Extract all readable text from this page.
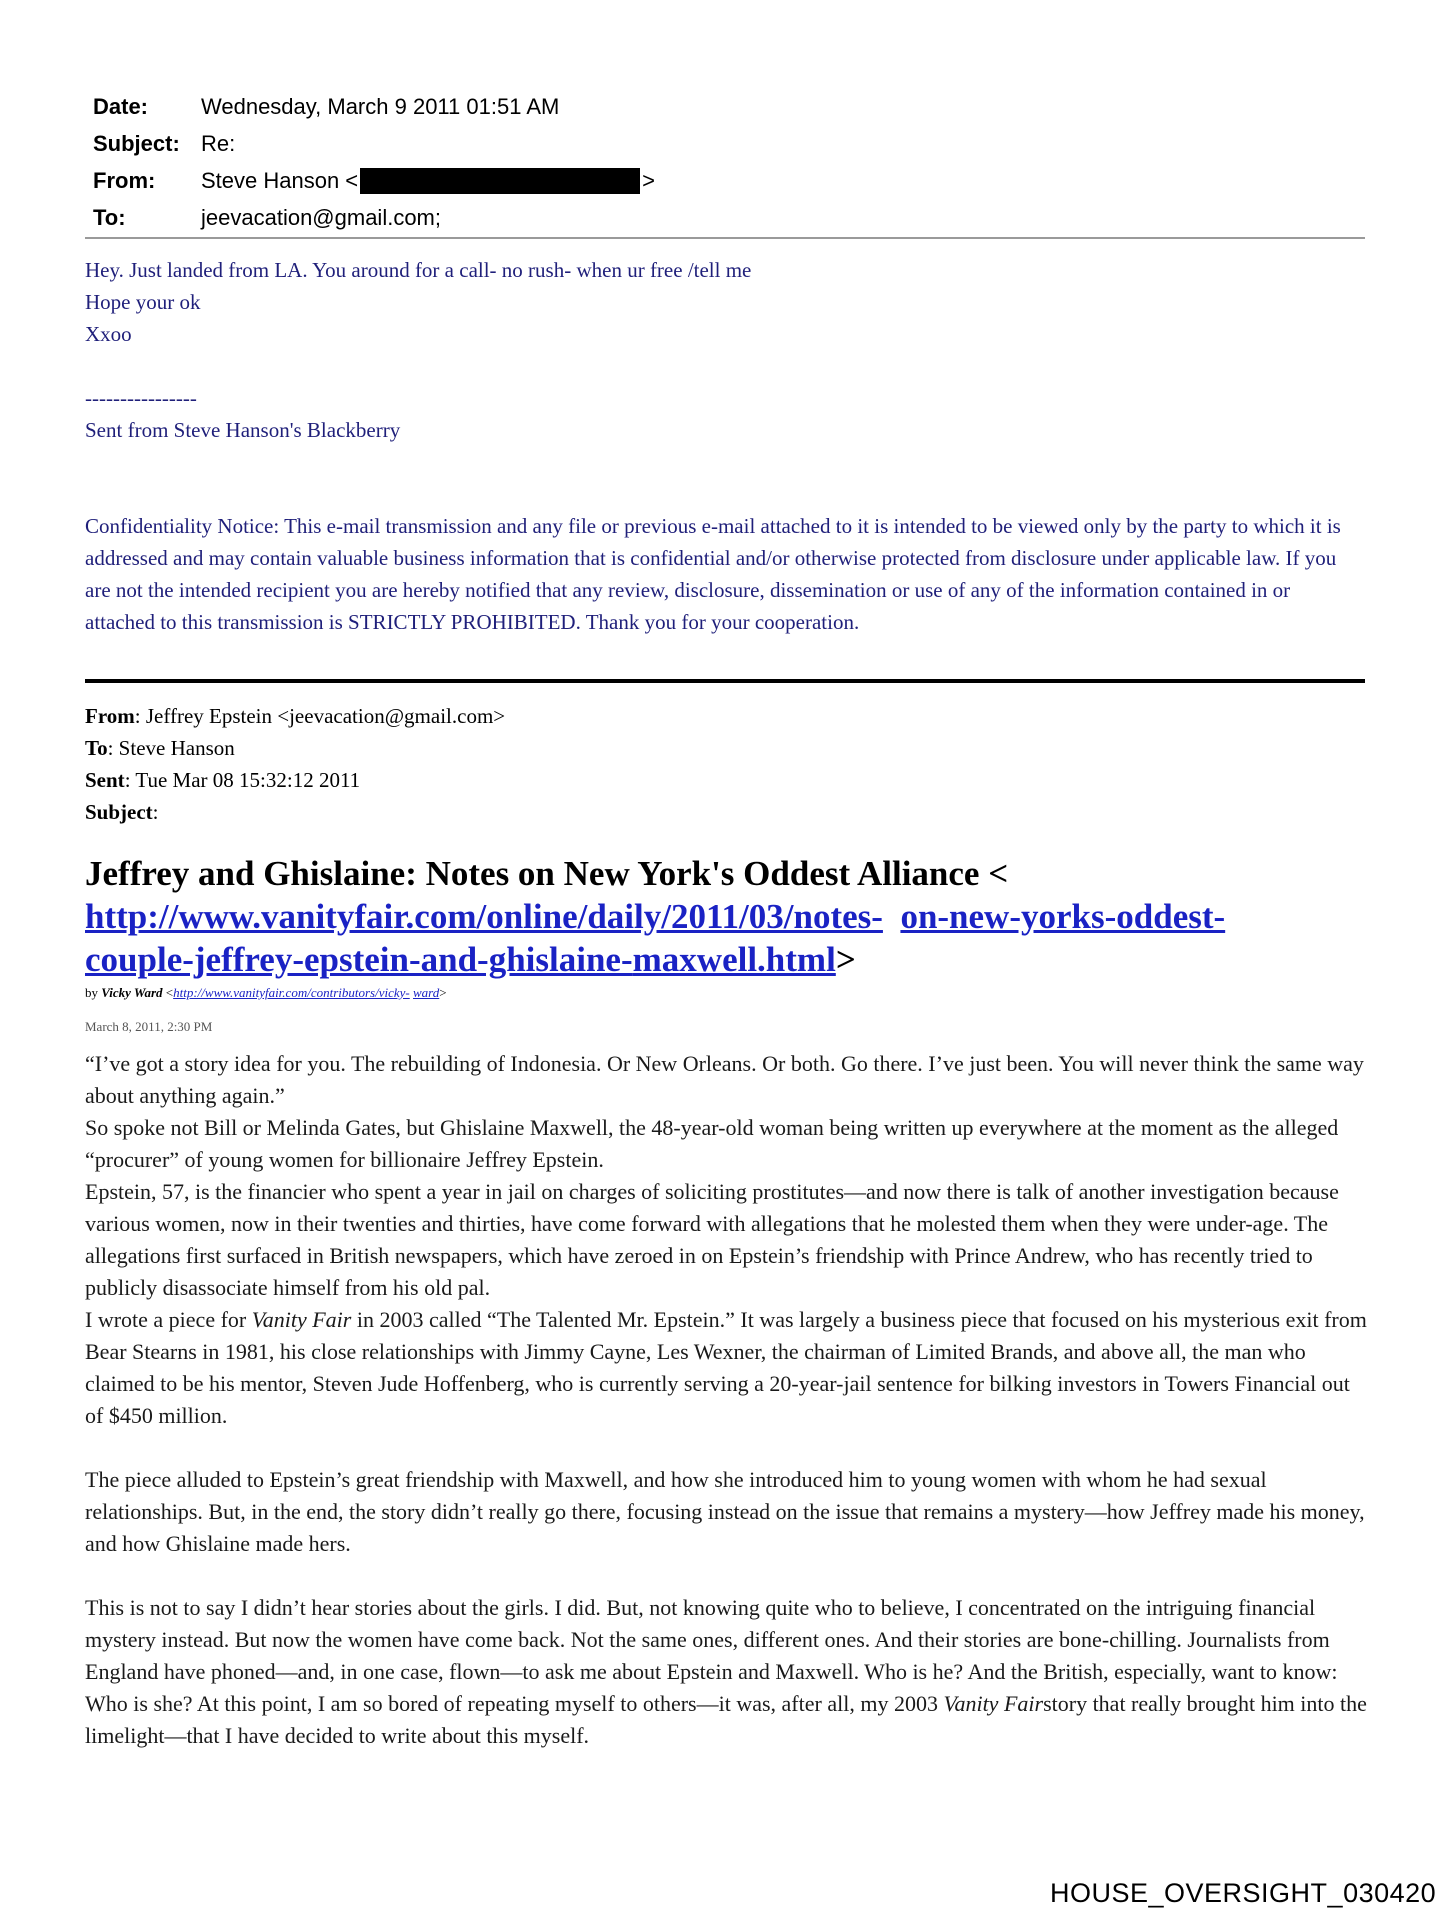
Date:	Wednesday, March 9 2011 01:51 AM
Subject: Re:
From:	Steve Hanson <	>
To:	jeevacation@gmail.com;

Hey. Just landed from LA. You around for a call- no rush- when ur free /tell me

Hope your ok

Xxoo

----------------

Sent from Steve Hanson's Blackberry

Confidentiality Notice: This e-mail transmission and any file or previous e-mail attached to it is intended to be viewed only by the party to which it is addressed and may contain valuable business information that is confidential and/or otherwise protected from disclosure under applicable law. If you are not the intended recipient you are hereby notified that any review, disclosure, dissemination or use of any of the information contained in or attached to this transmission is STRICTLY PROHIBITED. Thank you for your cooperation.

From: Jeffrey Epstein <jeevacation@gmail.com>

To: Steve Hanson

Sent: Tue Mar 08 15:32:12 2011

Subject:

Jeffrey and Ghislaine: Notes on New York's Oddest Alliance <
http://www.vanityfair.com/online/daily/2011/03/notes- on-new-yorks-oddest-
couple-jeffrey-epstein-and-ghislaine-maxwell.html>
by Vicky Ward <http://www.vanityfair.com/contributors/vicky- ward>
March 8, 2011, 2:30 PM

“I’ve got a story idea for you. The rebuilding of Indonesia. Or New Orleans. Or both. Go there. I’ve just been. You will never think the same way about anything again.”

So spoke not Bill or Melinda Gates, but Ghislaine Maxwell, the 48-year-old woman being written up everywhere at the moment as the alleged “procurer” of young women for billionaire Jeffrey Epstein.

Epstein, 57, is the financier who spent a year in jail on charges of soliciting prostitutes—and now there is talk of another investigation because various women, now in their twenties and thirties, have come forward with allegations that he molested them when they were under-age. The allegations first surfaced in British newspapers, which have zeroed in on Epstein’s friendship with Prince Andrew, who has recently tried to publicly disassociate himself from his old pal.

I wrote a piece for Vanity Fair in 2003 called “The Talented Mr. Epstein.” It was largely a business piece that focused on his mysterious exit from Bear Stearns in 1981, his close relationships with Jimmy Cayne, Les Wexner, the chairman of Limited Brands, and above all, the man who claimed to be his mentor, Steven Jude Hoffenberg, who is currently serving a 20-year-jail sentence for bilking investors in Towers Financial out of $450 million.

The piece alluded to Epstein’s great friendship with Maxwell, and how she introduced him to young women with whom he had sexual relationships. But, in the end, the story didn’t really go there, focusing instead on the issue that remains a mystery—how Jeffrey made his money, and how Ghislaine made hers.

This is not to say I didn’t hear stories about the girls. I did. But, not knowing quite who to believe, I concentrated on the intriguing financial mystery instead. But now the women have come back. Not the same ones, different ones. And their stories are bone-chilling. Journalists from England have phoned—and, in one case, flown—to ask me about Epstein and Maxwell. Who is he? And the British, especially, want to know: Who is she? At this point, I am so bored of repeating myself to others—it was, after all, my 2003 Vanity Fairstory that really brought him into the limelight—that I have decided to write about this myself.

HOUSE_OVERSIGHT_030420
